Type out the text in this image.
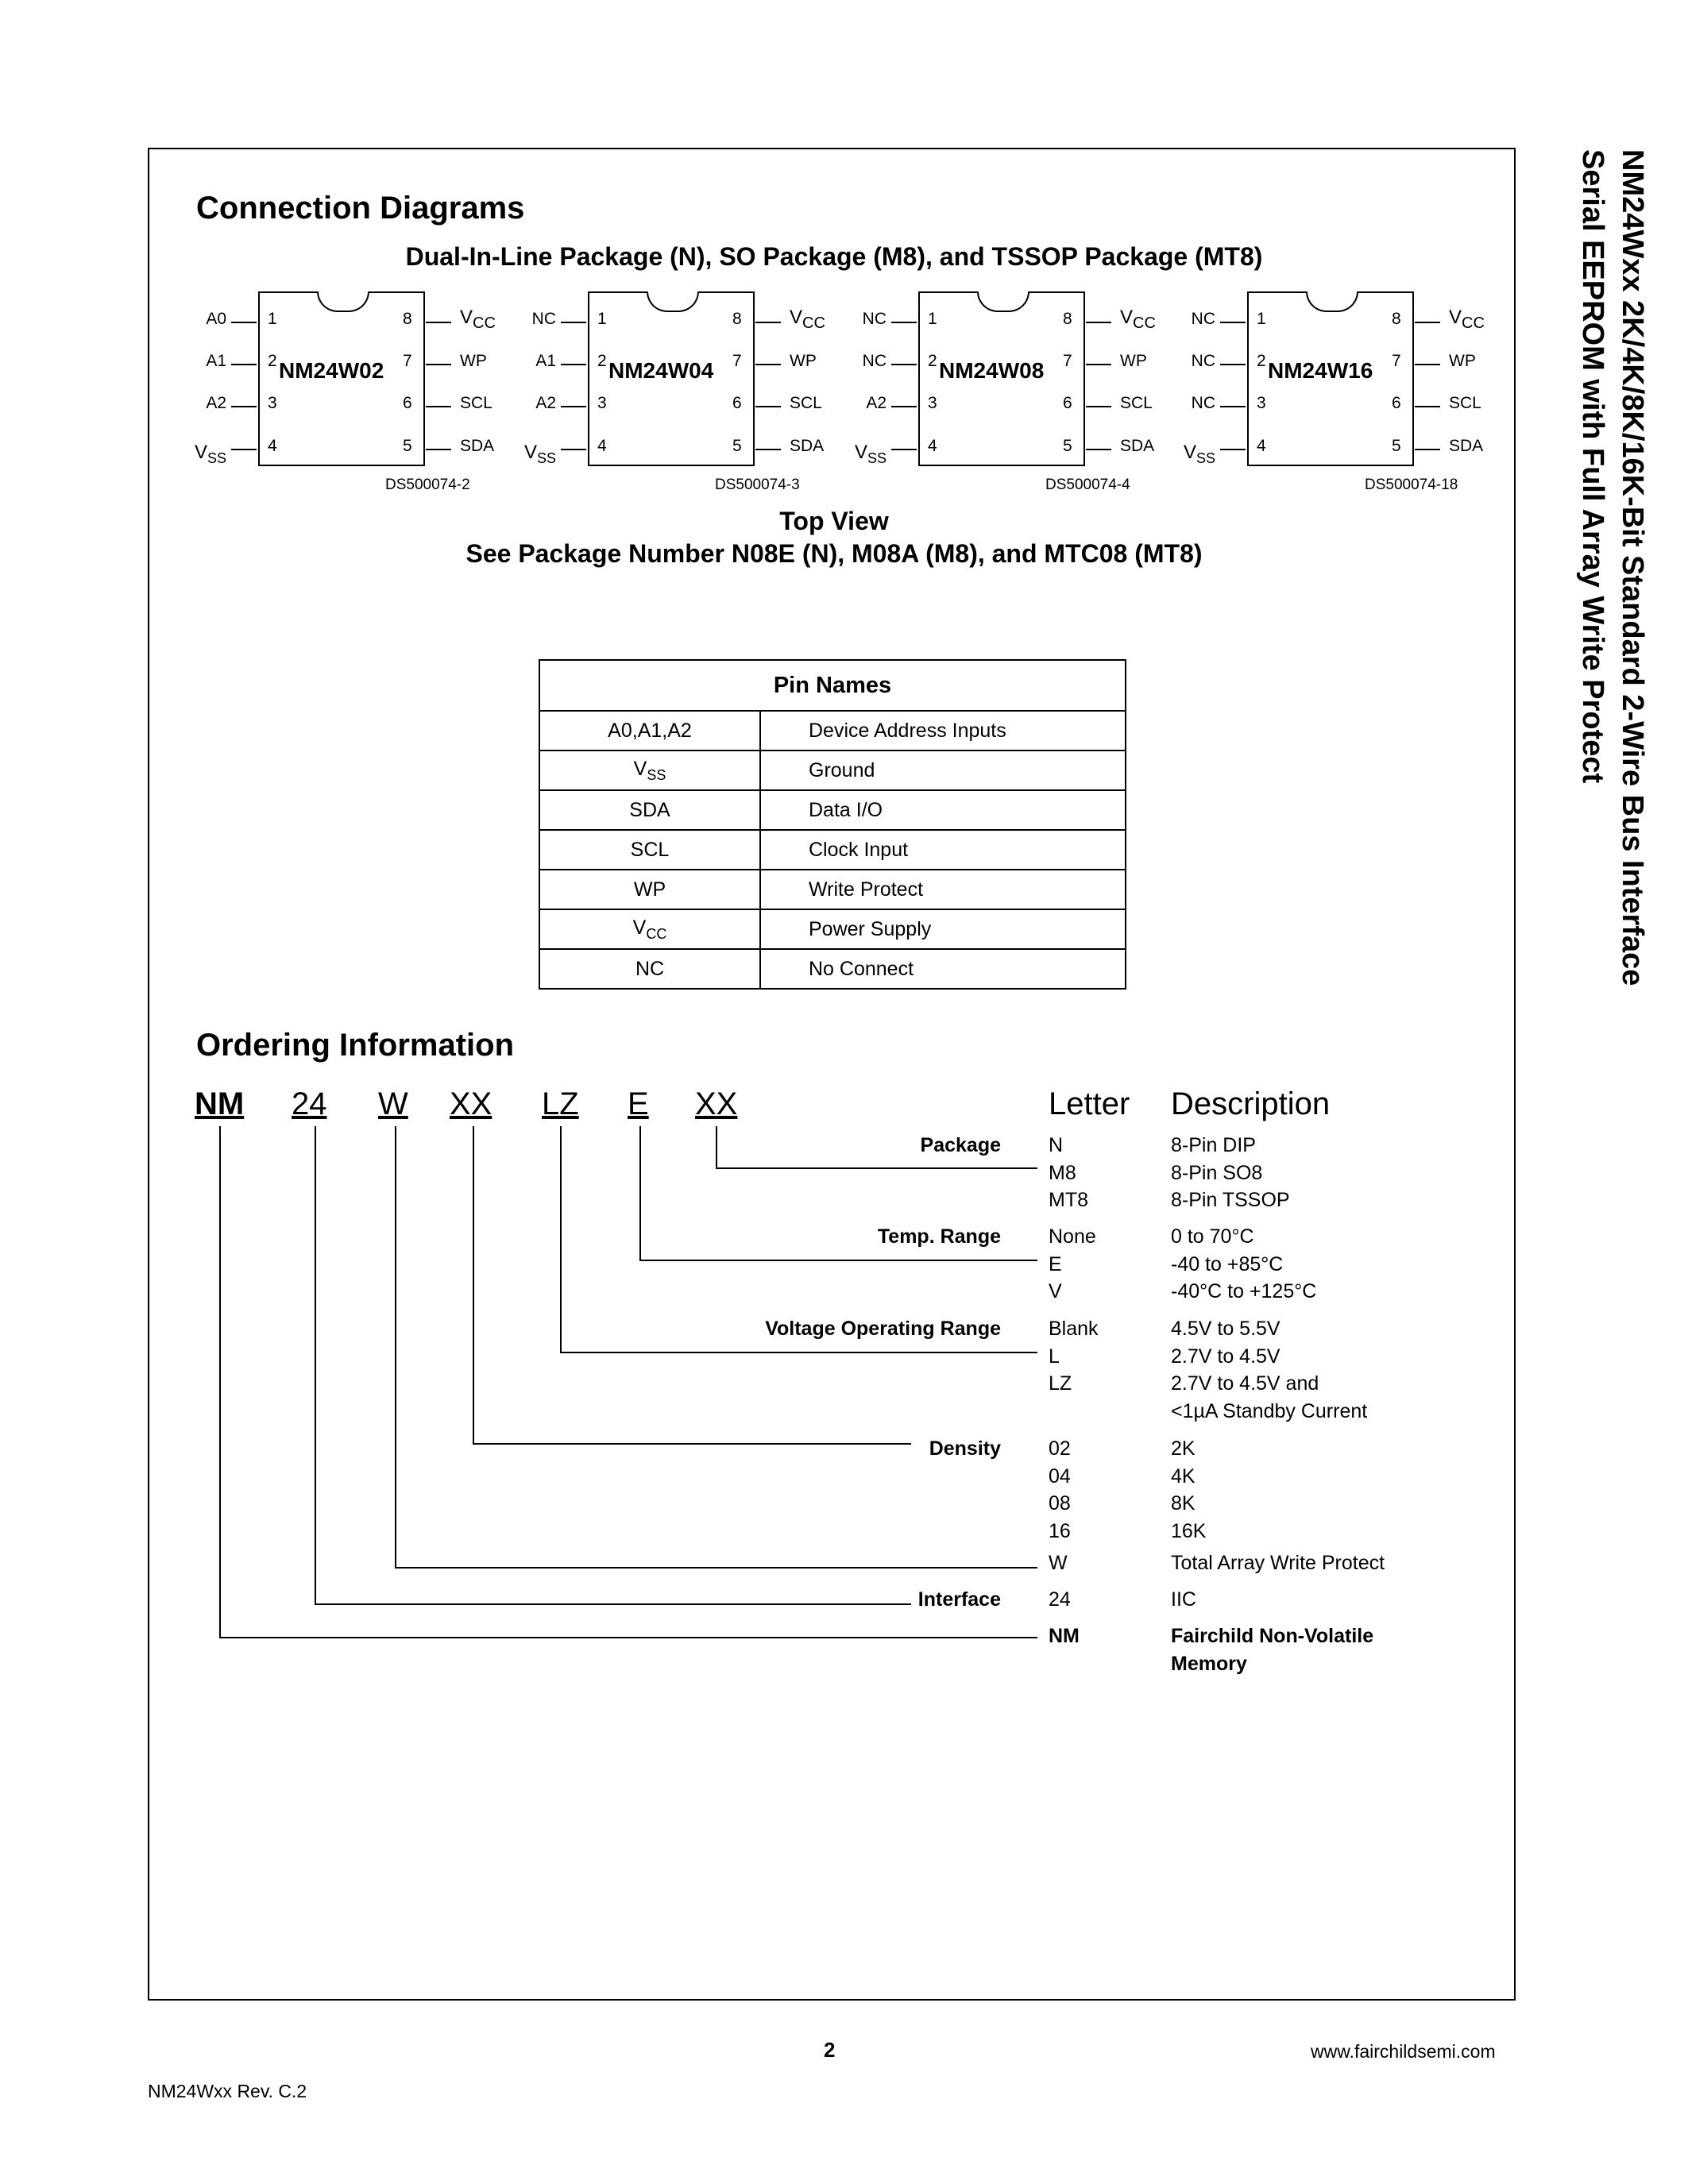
NM24Wxx 2K/4K/8K/16K-Bit Standard 2-Wire Bus Interface
Serial EEPROM with Full Array Write Protect
Connection Diagrams
Dual-In-Line Package (N), SO Package (M8), and TSSOP Package (MT8)
NM24W02
A0 1	8	$V_{CC}$
A1 2	7	WP
A2 3	6	SCL
$V_{SS}$
4	5	SDA
DS500074-2
NM24W04
NC 1	8	$V_{CC}$
A1 2	7	WP
A2 3	6	SCL
$V_{SS}$
4	5	SDA
DS500074-3
NM24W08
NC 1	8	$V_{CC}$
NC 2	7	WP
A2 3	6	SCL
$V_{SS}$
4	5	SDA
DS500074-4
NM24W16
NC 1	8	$V_{CC}$
NC 2	7	WP
NC 3	6	SCL
$V_{SS}$
4	5	SDA
DS500074-18
Top View
See Package Number N08E (N), M08A (M8), and MTC08 (MT8)
Pin Names	
A0,A1,A2	Device Address Inputs
$V_{SS}$	Ground
SDA	Data I/O
SCL	Clock Input
WP	Write Protect
$V_{CC}$	Power Supply
NC	No Connect
Ordering Information
NM 24 W XX LZ E XX	Letter Description
Package N	8-Pin DIP
M8	8-Pin SO8
MT8	8-Pin TSSOP
Temp. Range None	0 to 70°C
E	-40 to +85°C
V	-40°C to +125°C
Voltage Operating Range Blank	4.5V to 5.5V
L	2.7V to 4.5V
LZ	2.7V to 4.5V and
<1µA Standby Current
Density 02	2K
04	4K
08	8K
16	16K
W	Total Array Write Protect
Interface 24	IIC
NM	Fairchild Non-Volatile
Memory
2	www.fairchildsemi.com
NM24Wxx Rev. C.2
